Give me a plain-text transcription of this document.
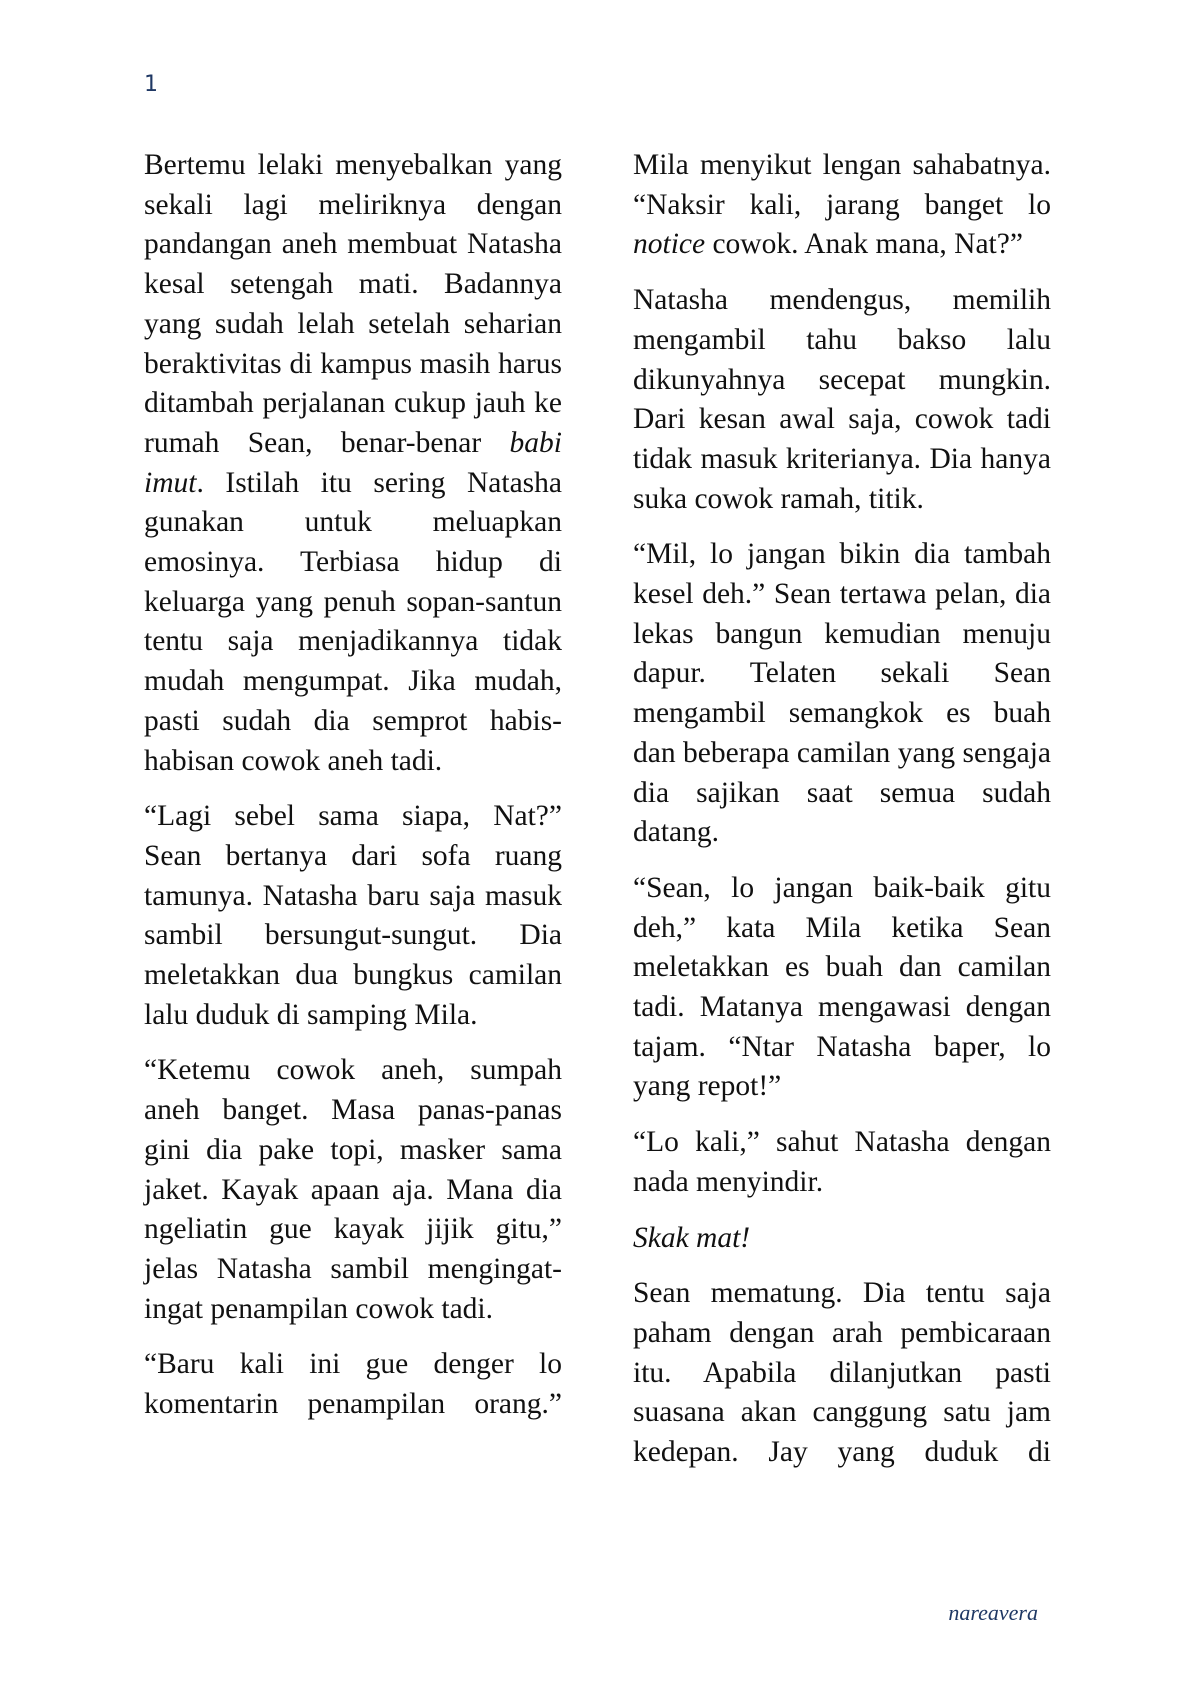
1

Bertemu lelaki menyebalkan yang sekali lagi meliriknya dengan pandangan aneh membuat Natasha kesal setengah mati. Badannya yang sudah lelah setelah seharian beraktivitas di kampus masih harus ditambah perjalanan cukup jauh ke rumah Sean, benar-benar babi imut. Istilah itu sering Natasha gunakan untuk meluapkan emosinya. Terbiasa hidup di keluarga yang penuh sopan-santun tentu saja menjadikannya tidak mudah mengumpat. Jika mudah, pasti sudah dia semprot habis-habisan cowok aneh tadi.

“Lagi sebel sama siapa, Nat?” Sean bertanya dari sofa ruang tamunya. Natasha baru saja masuk sambil bersungut-sungut. Dia meletakkan dua bungkus camilan lalu duduk di samping Mila.

“Ketemu cowok aneh, sumpah aneh banget. Masa panas-panas gini dia pake topi, masker sama jaket. Kayak apaan aja. Mana dia ngeliatin gue kayak jijik gitu,” jelas Natasha sambil mengingat-ingat penampilan cowok tadi.

“Baru kali ini gue denger lo komentarin penampilan orang.”

Mila menyikut lengan sahabatnya. “Naksir kali, jarang banget lo notice cowok. Anak mana, Nat?”

Natasha mendengus, memilih mengambil tahu bakso lalu dikunyahnya secepat mungkin. Dari kesan awal saja, cowok tadi tidak masuk kriterianya. Dia hanya suka cowok ramah, titik.

“Mil, lo jangan bikin dia tambah kesel deh.” Sean tertawa pelan, dia lekas bangun kemudian menuju dapur. Telaten sekali Sean mengambil semangkok es buah dan beberapa camilan yang sengaja dia sajikan saat semua sudah datang.

“Sean, lo jangan baik-baik gitu deh,” kata Mila ketika Sean meletakkan es buah dan camilan tadi. Matanya mengawasi dengan tajam. “Ntar Natasha baper, lo yang repot!”

“Lo kali,” sahut Natasha dengan nada menyindir.

Skak mat!

Sean mematung. Dia tentu saja paham dengan arah pembicaraan itu. Apabila dilanjutkan pasti suasana akan canggung satu jam kedepan. Jay yang duduk di

nareavera
